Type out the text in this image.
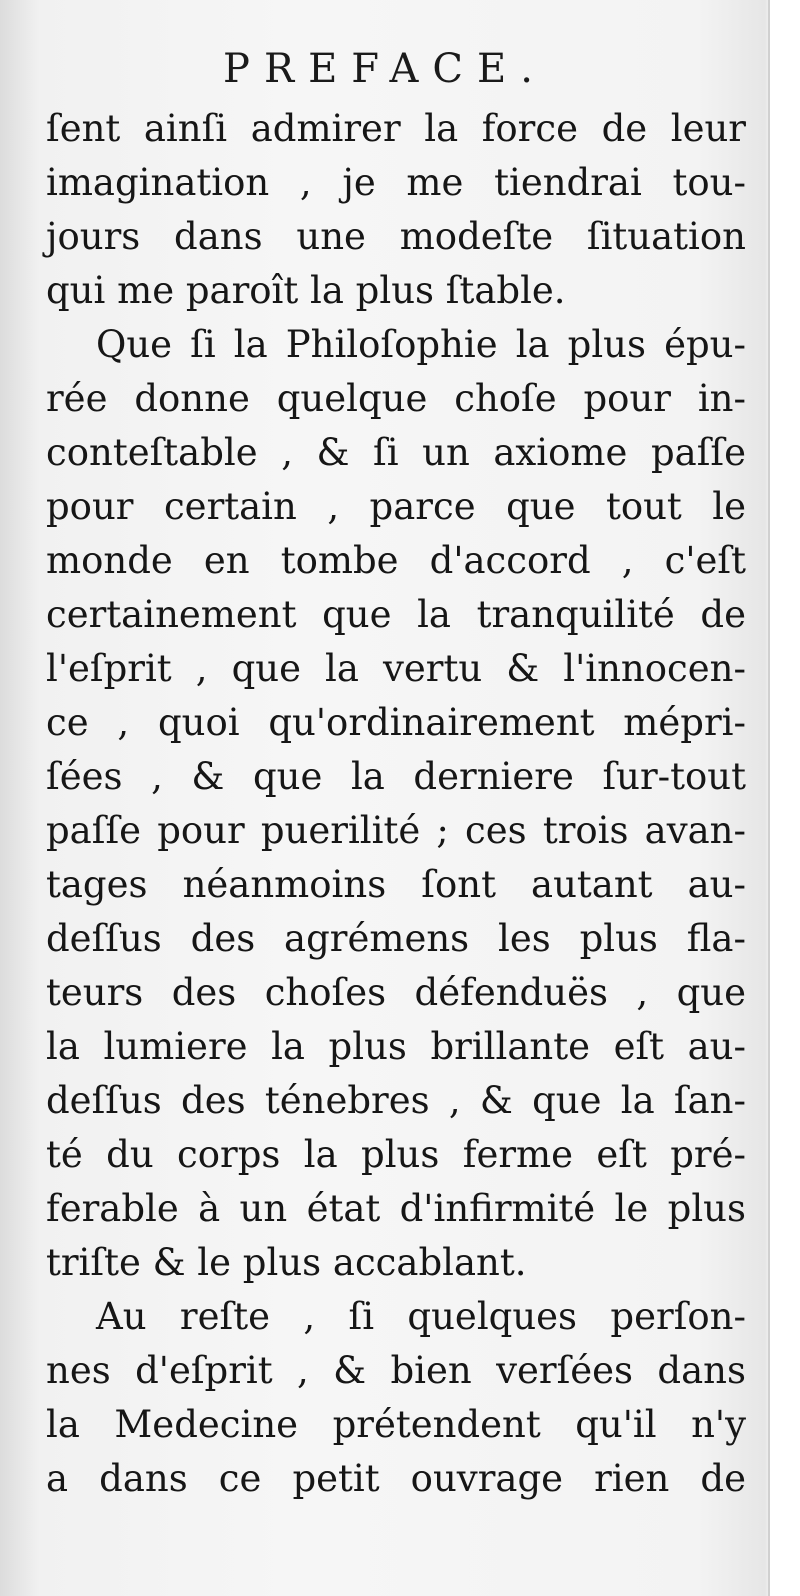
PREFACE.
ſent ainſi admirer la force de leur
imagination , je me tiendrai tou-
jours dans une modeſte ſituation
qui me paroît la plus ſtable.
Que ſi la Philoſophie la plus épu-
rée donne quelque choſe pour in-
conteſtable , & ſi un axiome paſſe
pour certain , parce que tout le
monde en tombe d'accord , c'eſt
certainement que la tranquilité de
l'eſprit , que la vertu & l'innocen-
ce , quoi qu'ordinairement mépri-
ſées , & que la derniere ſur-tout
paſſe pour puerilité ; ces trois avan-
tages néanmoins ſont autant au-
deſſus des agrémens les plus fla-
teurs des choſes défenduës , que
la lumiere la plus brillante eſt au-
deſſus des ténebres , & que la ſan-
té du corps la plus ferme eſt pré-
ferable à un état d'infirmité le plus
triſte & le plus accablant.
Au reſte , ſi quelques perſon-
nes d'eſprit , & bien verſées dans
la Medecine prétendent qu'il n'y
a dans ce petit ouvrage rien de
